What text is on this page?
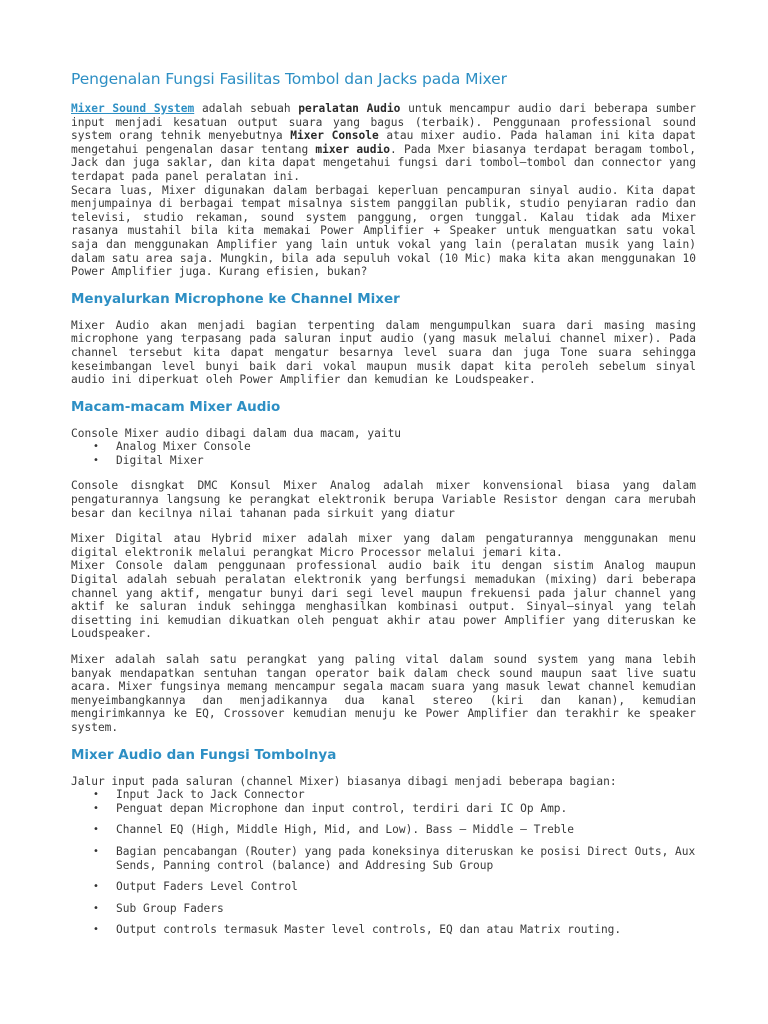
Pengenalan Fungsi Fasilitas Tombol dan Jacks pada Mixer
Mixer Sound System adalah sebuah peralatan Audio untuk mencampur audio dari beberapa sumber input menjadi kesatuan output suara yang bagus (terbaik). Penggunaan professional sound system orang tehnik menyebutnya Mixer Console atau mixer audio. Pada halaman ini kita dapat mengetahui pengenalan dasar tentang mixer audio. Pada Mxer biasanya terdapat beragam tombol, Jack dan juga saklar, dan kita dapat mengetahui fungsi dari tombol–tombol dan connector yang terdapat pada panel peralatan ini.
Secara luas, Mixer digunakan dalam berbagai keperluan pencampuran sinyal audio. Kita dapat menjumpainya di berbagai tempat misalnya sistem panggilan publik, studio penyiaran radio dan televisi, studio rekaman, sound system panggung, orgen tunggal. Kalau tidak ada Mixer rasanya mustahil bila kita memakai Power Amplifier + Speaker untuk menguatkan satu vokal saja dan menggunakan Amplifier yang lain untuk vokal yang lain (peralatan musik yang lain) dalam satu area saja. Mungkin, bila ada sepuluh vokal (10 Mic) maka kita akan menggunakan 10 Power Amplifier juga. Kurang efisien, bukan?
Menyalurkan Microphone ke Channel Mixer
Mixer Audio akan menjadi bagian terpenting dalam mengumpulkan suara dari masing masing microphone yang terpasang pada saluran input audio (yang masuk melalui channel mixer). Pada channel tersebut kita dapat mengatur besarnya level suara dan juga Tone suara sehingga keseimbangan level bunyi baik dari vokal maupun musik dapat kita peroleh sebelum sinyal audio ini diperkuat oleh Power Amplifier dan kemudian ke Loudspeaker.
Macam-macam Mixer Audio
Console Mixer audio dibagi dalam dua macam, yaitu
• Analog Mixer Console
• Digital Mixer
Console disngkat DMC Konsul Mixer Analog adalah mixer konvensional biasa yang dalam pengaturannya langsung ke perangkat elektronik berupa Variable Resistor dengan cara merubah besar dan kecilnya nilai tahanan pada sirkuit yang diatur
Mixer Digital atau Hybrid mixer adalah mixer yang dalam pengaturannya menggunakan menu digital elektronik melalui perangkat Micro Processor melalui jemari kita.
Mixer Console dalam penggunaan professional audio baik itu dengan sistim Analog maupun Digital adalah sebuah peralatan elektronik yang berfungsi memadukan (mixing) dari beberapa channel yang aktif, mengatur bunyi dari segi level maupun frekuensi pada jalur channel yang aktif ke saluran induk sehingga menghasilkan kombinasi output. Sinyal–sinyal yang telah disetting ini kemudian dikuatkan oleh penguat akhir atau power Amplifier yang diteruskan ke Loudspeaker.
Mixer adalah salah satu perangkat yang paling vital dalam sound system yang mana lebih banyak mendapatkan sentuhan tangan operator baik dalam check sound maupun saat live suatu acara. Mixer fungsinya memang mencampur segala macam suara yang masuk lewat channel kemudian menyeimbangkannya dan menjadikannya dua kanal stereo (kiri dan kanan), kemudian mengirimkannya ke EQ, Crossover kemudian menuju ke Power Amplifier dan terakhir ke speaker system.
Mixer Audio dan Fungsi Tombolnya
Jalur input pada saluran (channel Mixer) biasanya dibagi menjadi beberapa bagian:
• Input Jack to Jack Connector
• Penguat depan Microphone dan input control, terdiri dari IC Op Amp.
• Channel EQ (High, Middle High, Mid, and Low). Bass – Middle – Treble
• Bagian pencabangan (Router) yang pada koneksinya diteruskan ke posisi Direct Outs, Aux Sends, Panning control (balance) and Addresing Sub Group
• Output Faders Level Control
• Sub Group Faders
• Output controls termasuk Master level controls, EQ dan atau Matrix routing.
